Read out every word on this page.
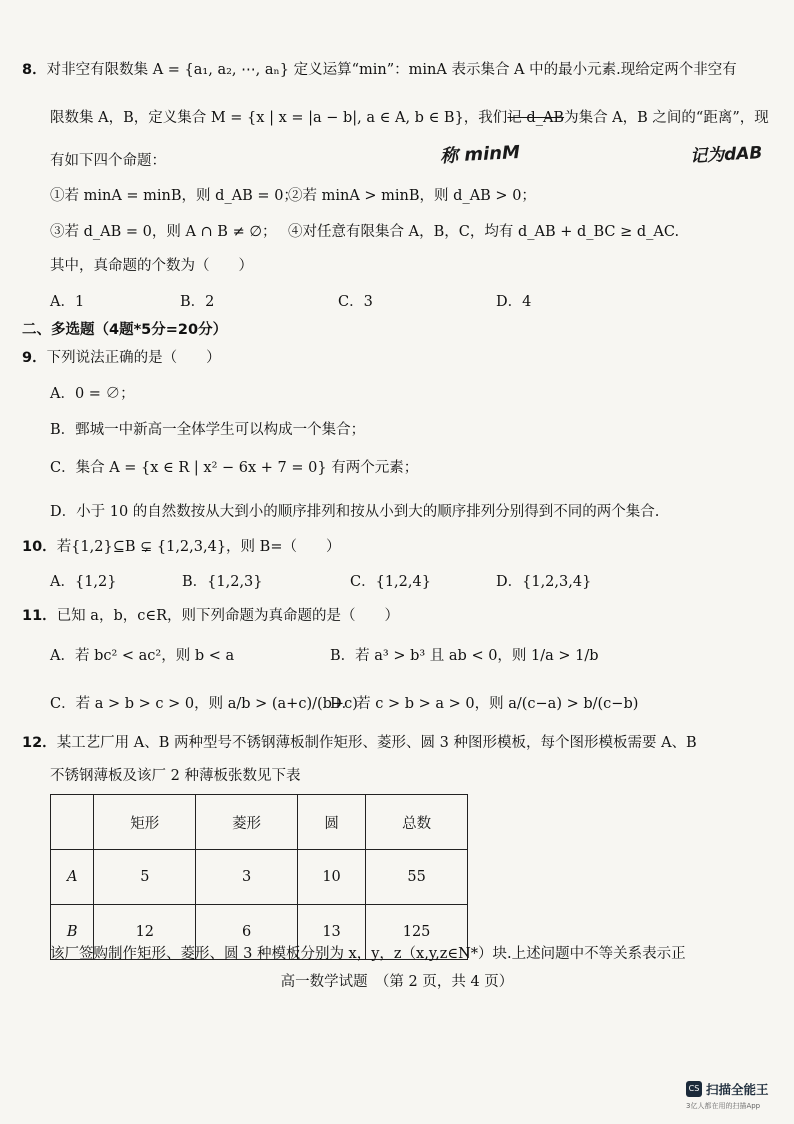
8．对非空有限数集 A = {a₁, a₂, ⋯, aₙ} 定义运算“min”：minA 表示集合 A 中的最小元素.现给定两个非空有
限数集 A，B，定义集合 M = {x | x = |a − b|, a ∈ A, b ∈ B}，我们记 d_AB为集合 A，B 之间的“距离”，现
称 minM	记为dAB
有如下四个命题：
①若 minA = minB，则 d_AB = 0；
②若 minA > minB，则 d_AB > 0；
③若 d_AB = 0，则 A ∩ B ≠ ∅； ④对任意有限集合 A，B，C，均有 d_AB + d_BC ≥ d_AC.
其中，真命题的个数为（　　）
A．1	B．2	C．3	D．4
二、多选题（4题*5分=20分）
9．下列说法正确的是（　　）
A．0 = ∅；
B．鄄城一中新高一全体学生可以构成一个集合；
C．集合 A = {x ∈ R | x² − 6x + 7 = 0} 有两个元素；
D．小于 10 的自然数按从大到小的顺序排列和按从小到大的顺序排列分别得到不同的两个集合.
10．若{1,2}⊆B ⊊ {1,2,3,4}，则 B=（　　）
A．{1,2}	B．{1,2,3}	C．{1,2,4}	D．{1,2,3,4}
11．已知 a，b，c∈R，则下列命题为真命题的是（　　）
A．若 bc² < ac²，则 b < a	B．若 a³ > b³ 且 ab < 0，则 1/a > 1/b
C．若 a > b > c > 0，则 a/b > (a+c)/(b+c)
D．若 c > b > a > 0，则 a/(c−a) > b/(c−b)
12．某工艺厂用 A、B 两种型号不锈钢薄板制作矩形、菱形、圆 3 种图形模板，每个图形模板需要 A、B
不锈钢薄板及该厂 2 种薄板张数见下表
	矩形	菱形	圆	总数
A	5	3	10	55
B	12	6	13	125
该厂签购制作矩形、菱形、圆 3 种模板分别为 x，y，z（x,y,z∈N*）块.上述问题中不等关系表示正
高一数学试题　（第 2 页，共 4 页）
CS 扫描全能王
3亿人都在用的扫描App
